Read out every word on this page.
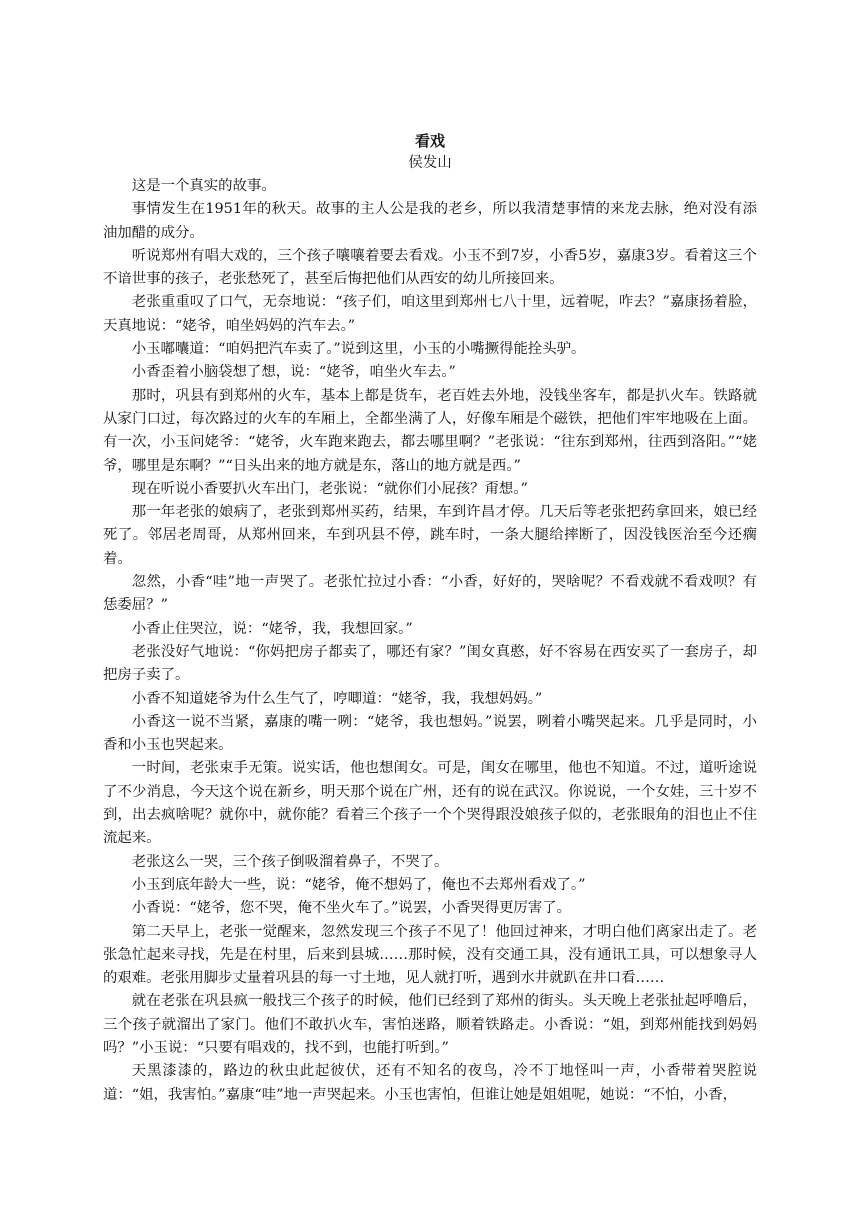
看戏
侯发山

这是一个真实的故事。

事情发生在1951年的秋天。故事的主人公是我的老乡，所以我清楚事情的来龙去脉，绝对没有添油加醋的成分。

听说郑州有唱大戏的，三个孩子嚷嚷着要去看戏。小玉不到7岁，小香5岁，嘉康3岁。看着这三个不谙世事的孩子，老张愁死了，甚至后悔把他们从西安的幼儿所接回来。

老张重重叹了口气，无奈地说：“孩子们，咱这里到郑州七八十里，远着呢，咋去？”嘉康扬着脸，天真地说：“姥爷，咱坐妈妈的汽车去。”

小玉嘟囔道：“咱妈把汽车卖了。”说到这里，小玉的小嘴撅得能拴头驴。

小香歪着小脑袋想了想，说：“姥爷，咱坐火车去。”

那时，巩县有到郑州的火车，基本上都是货车，老百姓去外地，没钱坐客车，都是扒火车。铁路就从家门口过，每次路过的火车的车厢上，全都坐满了人，好像车厢是个磁铁，把他们牢牢地吸在上面。有一次，小玉问姥爷：“姥爷，火车跑来跑去，都去哪里啊？”老张说：“往东到郑州，往西到洛阳。”“姥爷，哪里是东啊？”“日头出来的地方就是东，落山的地方就是西。”

现在听说小香要扒火车出门，老张说：“就你们小屁孩？甭想。”

那一年老张的娘病了，老张到郑州买药，结果，车到许昌才停。几天后等老张把药拿回来，娘已经死了。邻居老周哥，从郑州回来，车到巩县不停，跳车时，一条大腿给摔断了，因没钱医治至今还瘸着。

忽然，小香“哇”地一声哭了。老张忙拉过小香：“小香，好好的，哭啥呢？不看戏就不看戏呗？有恁委屈？”

小香止住哭泣，说：“姥爷，我，我想回家。”

老张没好气地说：“你妈把房子都卖了，哪还有家？”闺女真憨，好不容易在西安买了一套房子，却把房子卖了。

小香不知道姥爷为什么生气了，哼唧道：“姥爷，我，我想妈妈。”

小香这一说不当紧，嘉康的嘴一咧：“姥爷，我也想妈。”说罢，咧着小嘴哭起来。几乎是同时，小香和小玉也哭起来。

一时间，老张束手无策。说实话，他也想闺女。可是，闺女在哪里，他也不知道。不过，道听途说了不少消息，今天这个说在新乡，明天那个说在广州，还有的说在武汉。你说说，一个女娃，三十岁不到，出去疯啥呢？就你中，就你能？看着三个孩子一个个哭得跟没娘孩子似的，老张眼角的泪也止不住流起来。

老张这么一哭，三个孩子倒吸溜着鼻子，不哭了。

小玉到底年龄大一些，说：“姥爷，俺不想妈了，俺也不去郑州看戏了。”

小香说：“姥爷，您不哭，俺不坐火车了。”说罢，小香哭得更厉害了。

第二天早上，老张一觉醒来，忽然发现三个孩子不见了！他回过神来，才明白他们离家出走了。老张急忙起来寻找，先是在村里，后来到县城……那时候，没有交通工具，没有通讯工具，可以想象寻人的艰难。老张用脚步丈量着巩县的每一寸土地，见人就打听，遇到水井就趴在井口看……

就在老张在巩县疯一般找三个孩子的时候，他们已经到了郑州的街头。头天晚上老张扯起呼噜后，三个孩子就溜出了家门。他们不敢扒火车，害怕迷路，顺着铁路走。小香说：“姐，到郑州能找到妈妈吗？”小玉说：“只要有唱戏的，找不到，也能打听到。”

天黑漆漆的，路边的秋虫此起彼伏，还有不知名的夜鸟，冷不丁地怪叫一声，小香带着哭腔说道：“姐，我害怕。”嘉康“哇”地一声哭起来。小玉也害怕，但谁让她是姐姐呢，她说：“不怕，小香，
